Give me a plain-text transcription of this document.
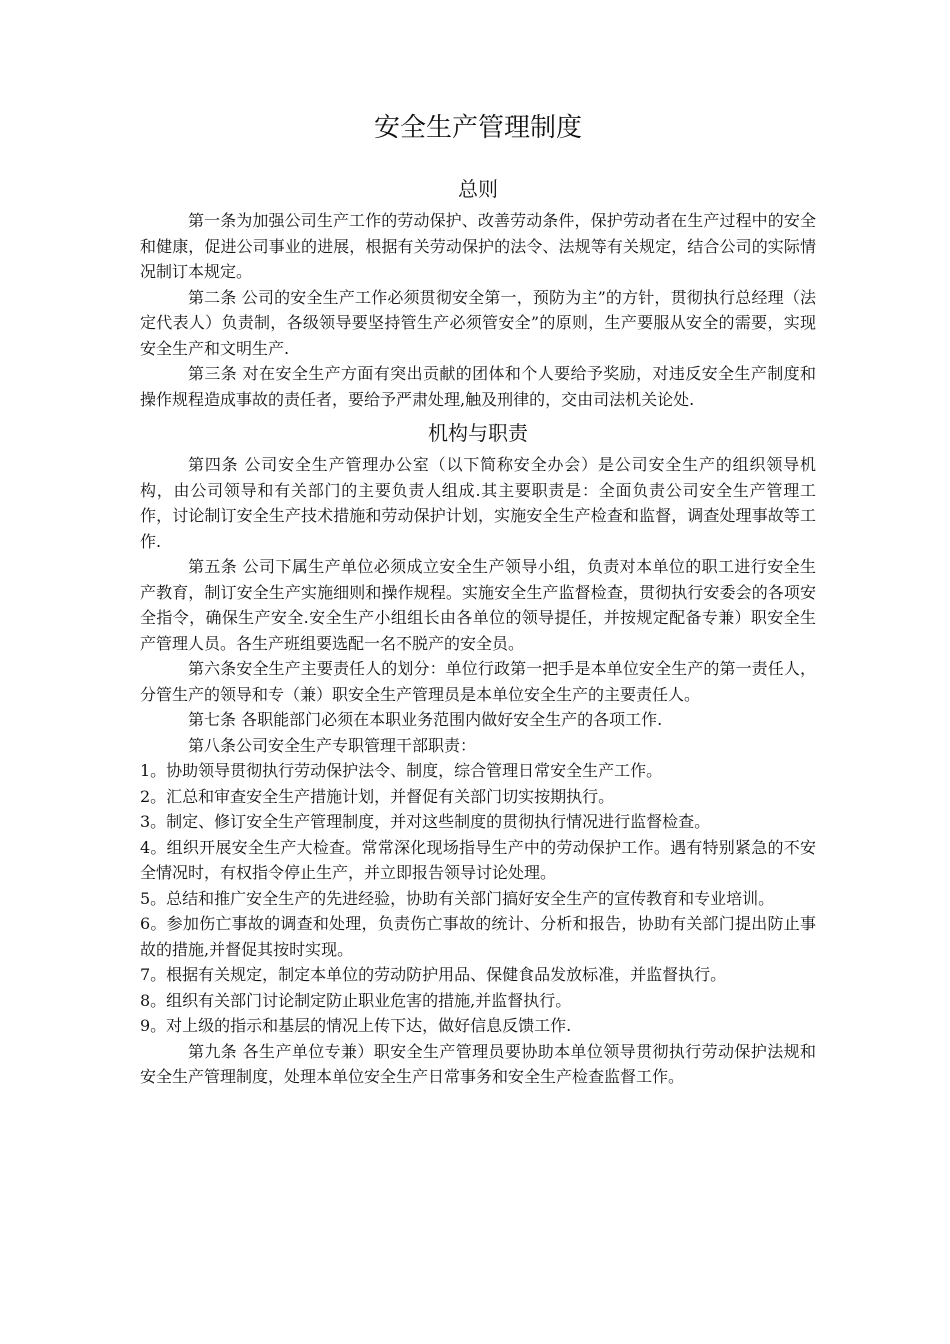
安全生产管理制度
总则

第一条为加强公司生产工作的劳动保护、改善劳动条件，保护劳动者在生产过程中的安全和健康，促进公司事业的进展，根据有关劳动保护的法令、法规等有关规定，结合公司的实际情况制订本规定。

第二条 公司的安全生产工作必须贯彻安全第一，预防为主”的方针，贯彻执行总经理（法定代表人）负责制，各级领导要坚持管生产必须管安全”的原则，生产要服从安全的需要，实现安全生产和文明生产.

第三条 对在安全生产方面有突出贡献的团体和个人要给予奖励，对违反安全生产制度和操作规程造成事故的责任者，要给予严肃处理,触及刑律的，交由司法机关论处.

机构与职责

第四条 公司安全生产管理办公室（以下简称安全办会）是公司安全生产的组织领导机构，由公司领导和有关部门的主要负责人组成.其主要职责是：全面负责公司安全生产管理工作，讨论制订安全生产技术措施和劳动保护计划，实施安全生产检查和监督，调查处理事故等工作.

第五条 公司下属生产单位必须成立安全生产领导小组，负责对本单位的职工进行安全生产教育，制订安全生产实施细则和操作规程。实施安全生产监督检查，贯彻执行安委会的各项安全指令，确保生产安全.安全生产小组组长由各单位的领导提任，并按规定配备专兼）职安全生产管理人员。各生产班组要选配一名不脱产的安全员。

第六条安全生产主要责任人的划分：单位行政第一把手是本单位安全生产的第一责任人，分管生产的领导和专（兼）职安全生产管理员是本单位安全生产的主要责任人。

第七条 各职能部门必须在本职业务范围内做好安全生产的各项工作.

第八条公司安全生产专职管理干部职责：

1。协助领导贯彻执行劳动保护法令、制度，综合管理日常安全生产工作。

2。汇总和审查安全生产措施计划，并督促有关部门切实按期执行。

3。制定、修订安全生产管理制度，并对这些制度的贯彻执行情况进行监督检查。

4。组织开展安全生产大检查。常常深化现场指导生产中的劳动保护工作。遇有特别紧急的不安全情况时，有权指令停止生产，并立即报告领导讨论处理。

5。总结和推广安全生产的先进经验，协助有关部门搞好安全生产的宣传教育和专业培训。

6。参加伤亡事故的调查和处理，负责伤亡事故的统计、分析和报告，协助有关部门提出防止事故的措施,并督促其按时实现。

7。根据有关规定，制定本单位的劳动防护用品、保健食品发放标准，并监督执行。

8。组织有关部门讨论制定防止职业危害的措施,并监督执行。

9。对上级的指示和基层的情况上传下达，做好信息反馈工作.

第九条 各生产单位专兼）职安全生产管理员要协助本单位领导贯彻执行劳动保护法规和安全生产管理制度，处理本单位安全生产日常事务和安全生产检查监督工作。
